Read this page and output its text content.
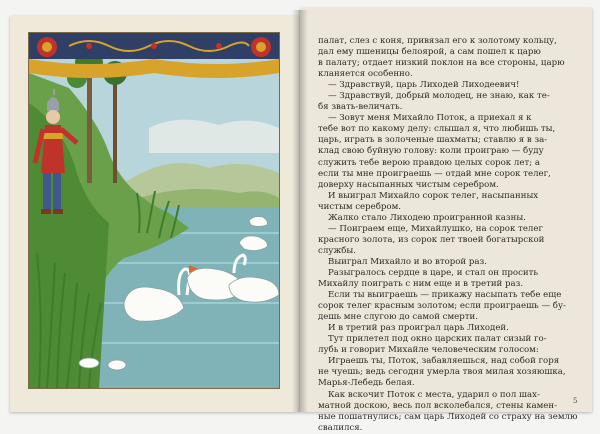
палат, слез с коня, привязал его к золотому кольцу,
дал ему пшеницы белоярой, а сам пошел к царю
в палату; отдает низкий поклон на все стороны, царю
кланяется особенно.
— Здравствуй, царь Лиходей Лиходеевич!
— Здравствуй, добрый молодец, не знаю, как те-
бя звать-величать.
— Зовут меня Михайло Поток, а приехал я к
тебе вот по какому делу: слышал я, что любишь ты,
царь, играть в золоченые шахматы; ставлю я в за-
клад свою буйную голову: коли проиграю — буду
служить тебе верою правдою целых сорок лет; а
если ты мне проиграешь — отдай мне сорок телег,
доверху насыпанных чистым серебром.
И выиграл Михайло сорок телег, насыпанных
чистым серебром.
Жалко стало Лиходею проигранной казны.
— Поиграем еще, Михайлушко, на сорок телег
красного золота, из сорок лет твоей богатырской
службы.
Выиграл Михайло и во второй раз.
Разыгралось сердце в царе, и стал он просить
Михайлу поиграть с ним еще и в третий раз.
Если ты выиграешь — прикажу насыпать тебе еще
сорок телег красным золотом; если проиграешь — бу-
дешь мне слугою до самой смерти.
И в третий раз проиграл царь Лиходей.
Тут прилетел под окно царских палат сизый го-
лубь и говорит Михайле человеческим голосом:
Играешь ты, Поток, забавляешься, над собой горя
не чуешь; ведь сегодня умерла твоя милая хозяюшка,
Марья-Лебедь белая.
Как вскочит Поток с места, ударил о пол шах-
матной доскою, весь пол всколебался, стены камен-
ные пошатнулись; сам царь Лиходей со страху на землю
свалился.
5
